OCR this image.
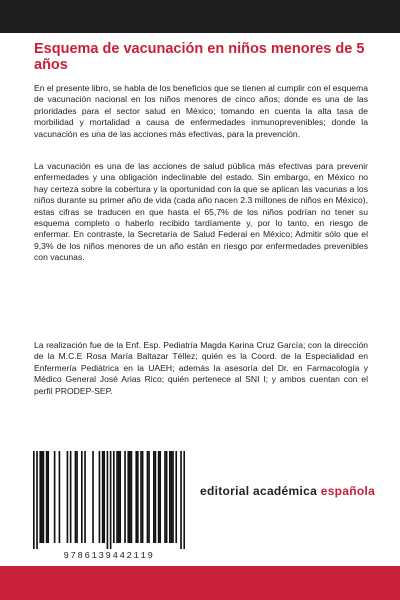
Esquema de vacunación en niños menores de 5 años

En el presente libro, se habla de los beneficios que se tienen al cumplir con el esquema de vacunación nacional en los niños menores de cinco años; donde es una de las prioridades para el sector salud en México; tomando en cuenta la alta tasa de morbilidad y mortalidad a causa de enfermedades inmunoprevenibles; donde la vacunación es una de las acciones más efectivas, para la prevención.

La vacunación es una de las acciones de salud pública más efectivas para prevenir enfermedades y una obligación indeclinable del estado. Sin embargo, en México no hay certeza sobre la cobertura y la oportunidad con la que se aplican las vacunas a los niños durante su primer año de vida (cada año nacen 2.3 millones de niños en México), estas cifras se traducen en que hasta el 65,7% de los niños podrían no tener su esquema completo o haberlo recibido tardíamente y, por lo tanto, en riesgo de enfermar. En contraste, la Secretaría de Salud Federal en México; Admitir sólo que el 9,3% de los niños menores de un año están en riesgo por enfermedades prevenibles con vacunas.

La realización fue de la Enf. Esp. Pediatría Magda Karina Cruz García; con la dirección de la M.C.E Rosa María Baltazar Téllez; quién es la Coord. de la Especialidad en Enfermería Pediátrica en la UAEH; además la asesoría del Dr. en Farmacología y Médico General José Arias Rico; quién pertenece al SNI I; y ambos cuentan con el perfil PRODEP-SEP.

9786139442119
editorial académica española
